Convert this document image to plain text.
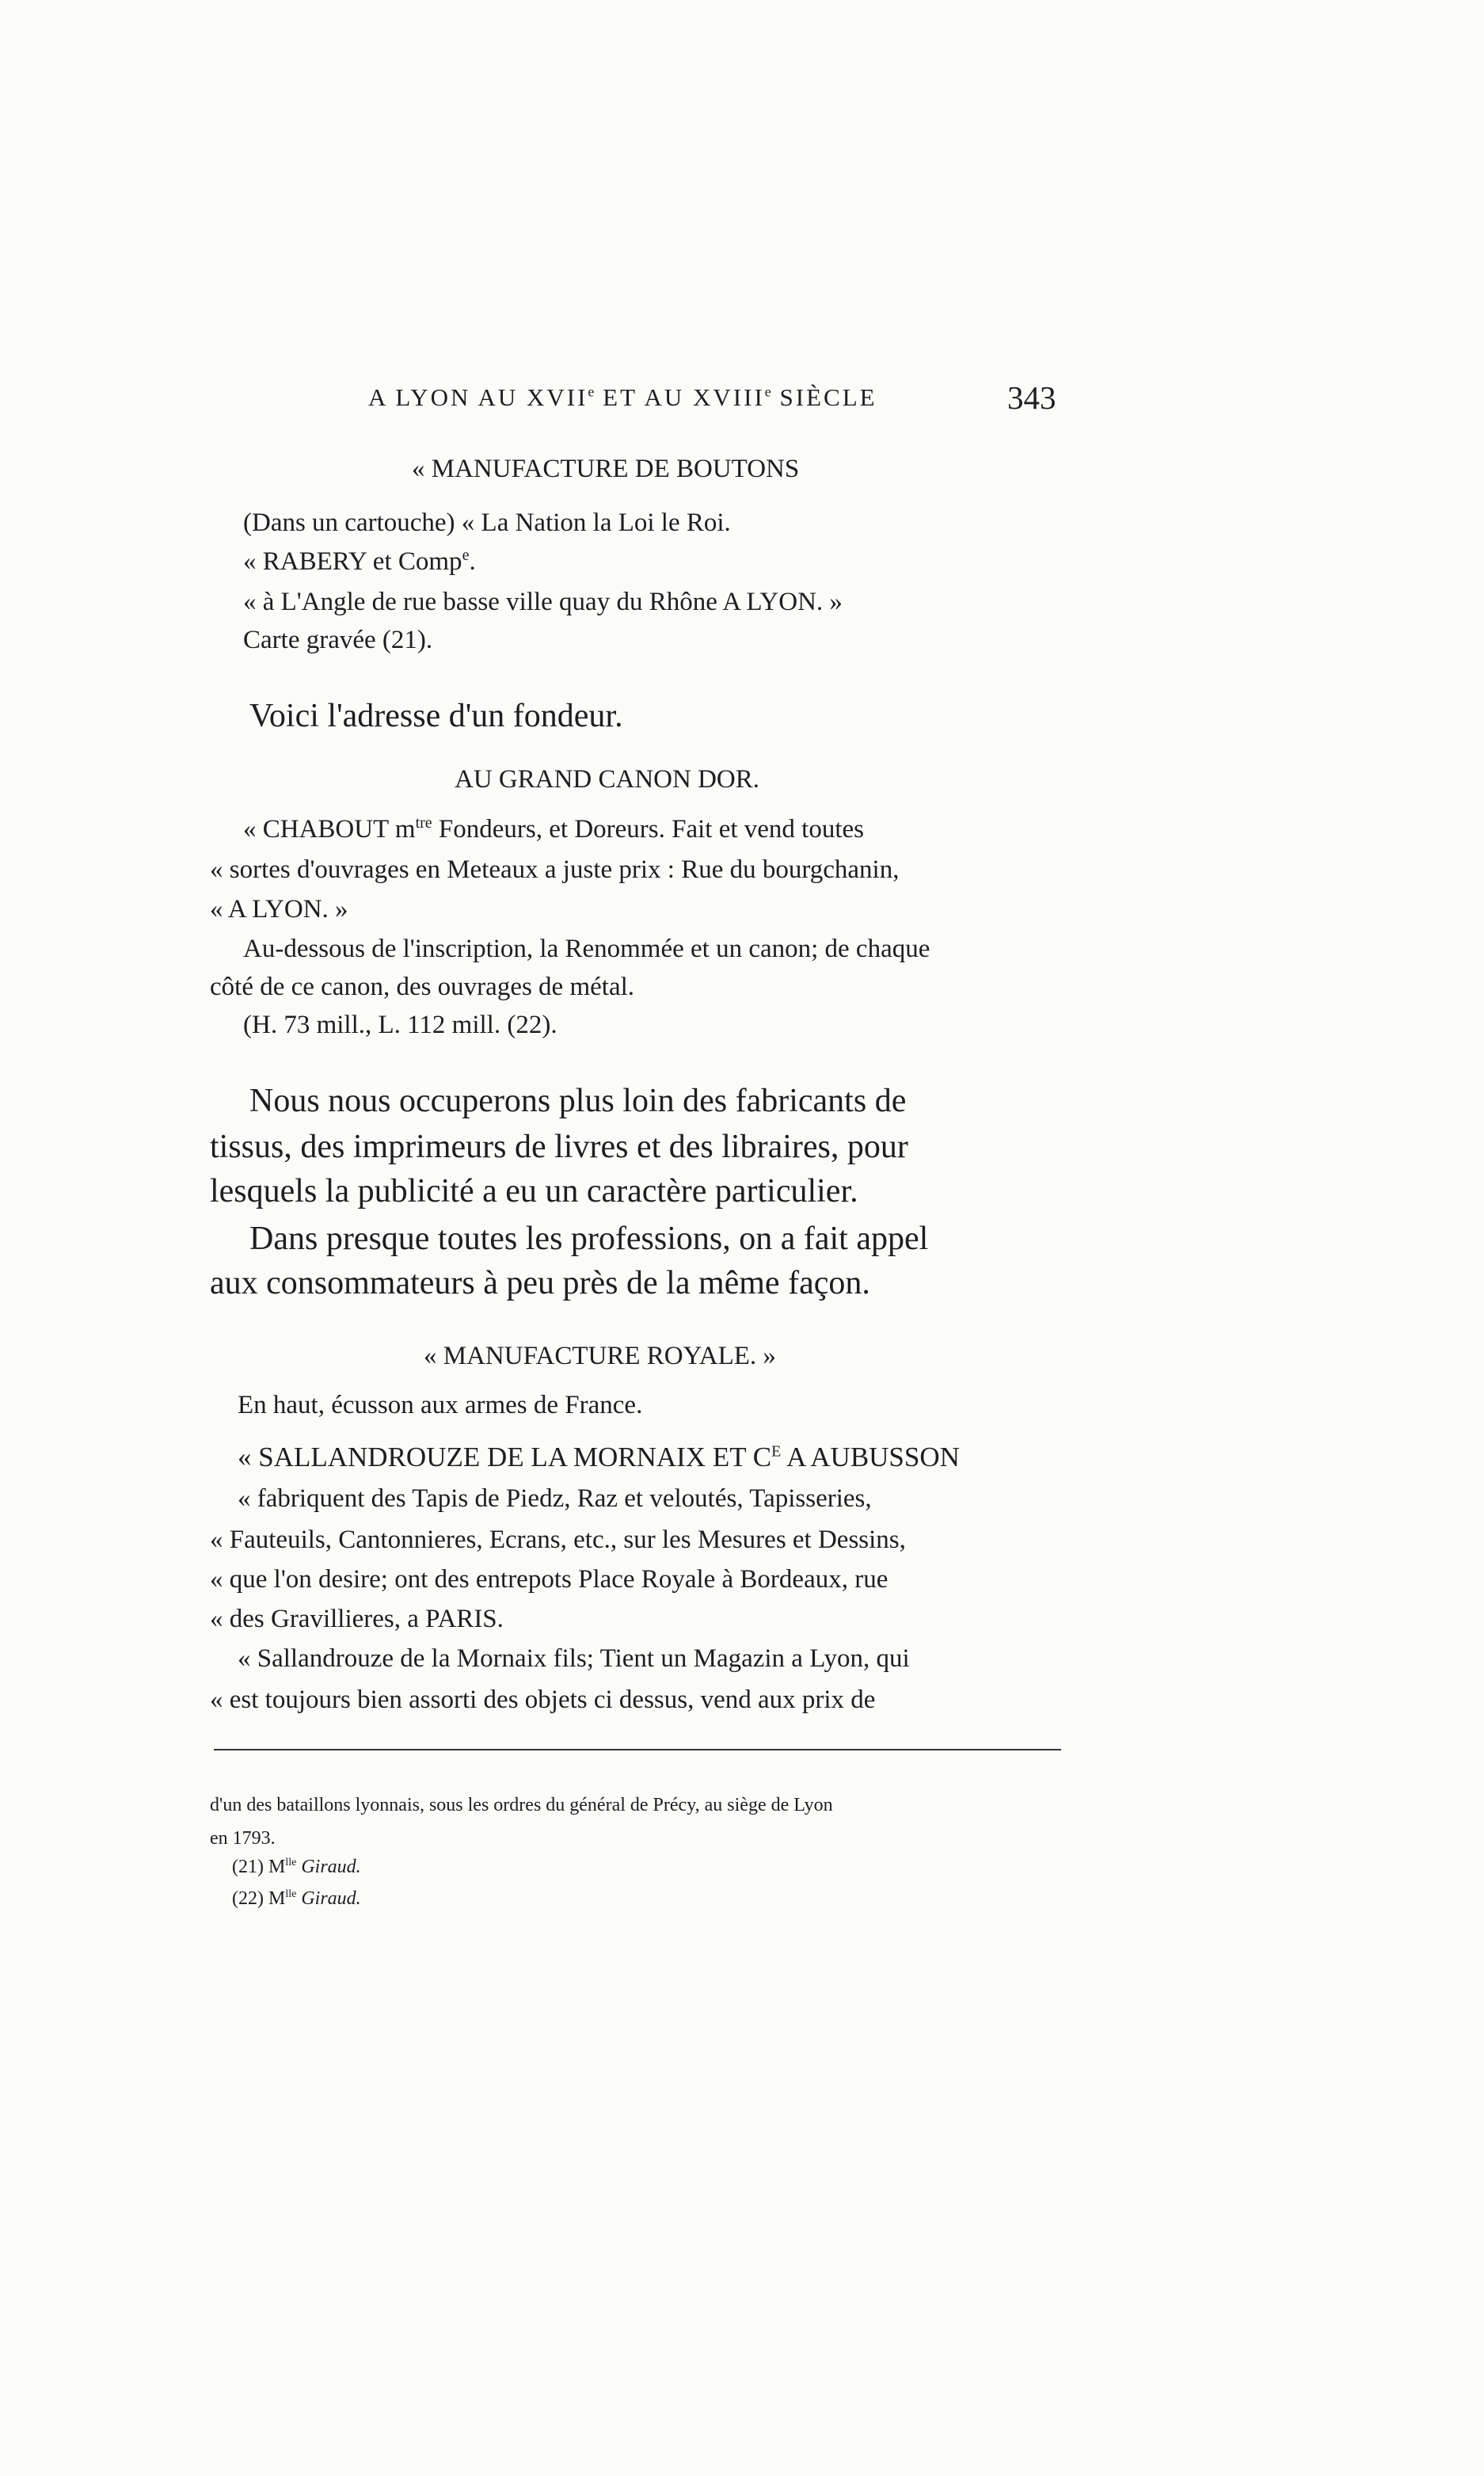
A LYON AU XVIIe ET AU XVIIIe SIÈCLE	343
« MANUFACTURE DE BOUTONS
(Dans un cartouche) « La Nation la Loi le Roi.
« RABERY et Comp$^e$.
« à L'Angle de rue basse ville quay du Rhône A LYON. »
Carte gravée (21).
Voici l'adresse d'un fondeur.
AU GRAND CANON DOR.
« CHABOUT $m^{tre}$ Fondeurs, et Doreurs. Fait et vend toutes
« sortes d'ouvrages en Meteaux a juste prix : Rue du bourgchanin,
« A LYON. »
Au-dessous de l'inscription, la Renommée et un canon; de chaque
côté de ce canon, des ouvrages de métal.
(H. 73 mill., L. 112 mill. (22).
Nous nous occuperons plus loin des fabricants de
tissus, des imprimeurs de livres et des libraires, pour
lesquels la publicité a eu un caractère particulier.
Dans presque toutes les professions, on a fait appel
aux consommateurs à peu près de la même façon.
« MANUFACTURE ROYALE. »
En haut, écusson aux armes de France.
« SALLANDROUZE DE LA MORNAIX ET $C^E$ A AUBUSSON
« fabriquent des Tapis de Piedz, Raz et veloutés, Tapisseries,
« Fauteuils, Cantonnieres, Ecrans, etc., sur les Mesures et Dessins,
« que l'on desire; ont des entrepots Place Royale à Bordeaux, rue
« des Gravillieres, a PARIS.
« Sallandrouze de la Mornaix fils; Tient un Magazin a Lyon, qui
« est toujours bien assorti des objets ci dessus, vend aux prix de
d'un des bataillons lyonnais, sous les ordres du général de Précy, au siège de Lyon
en 1793.
(21) $M^{lle}$ Giraud.
(22) $M^{lle}$ Giraud.
